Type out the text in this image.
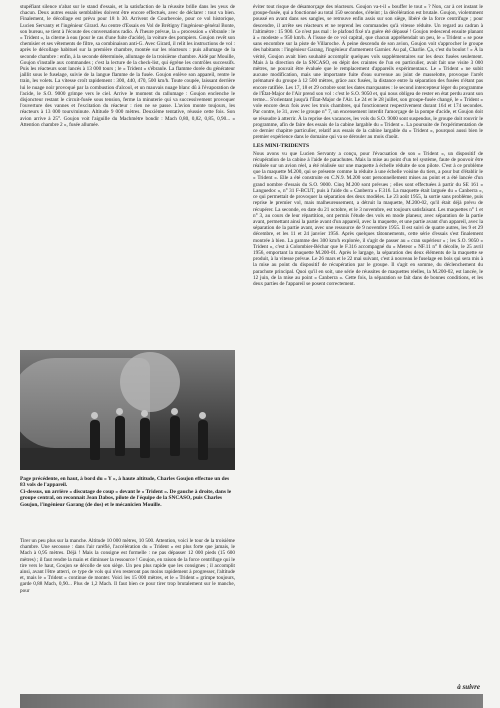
stupéfiant silence n'abat sur le stand d'essais, et la satisfaction de la réussite brille dans les yeux de chacun. Deux autres essais semblables doivent être encore effectués, avec de déclarer : tout va bien. Finalement, le décollage est prévu pour 18 h 30. Arrivent de Courbevoie, pour ce vol historique, Lucien Servanty et l'ingénieur Girard. Au centre d'Essais en Vol de Brétigny l'ingénieur-général Bonte, son bureau, se tient à l'écoute des conversations radio. À l'heure prévue, la « procession » s'ébranle : le « Trident », la citerne à eau (pour le cas d'une fuite d'acide), la voiture des pompiers. Goujon revêt son chemisier et ses vêtements de filtre, sa combinaison anti-G. Avec Girard, il relit les instructions de vol : après le décollage habituel sur la première chambre, montée sur les réacteurs : puis allumage de la seconde chambre : enfin, à la seconde déterminée, allumage de la troisième chambre. Aidé par Mouille, Goujon s'installe aux commandes ; c'est la lecture de la check-list, qui égrène les contrôles successifs. Puis les réacteurs sont lancés à 13 000 tours ; le « Trident » s'ébranle. La flamme dorée du générateur jaillit sous le fuselage, suivie de la langue flamme de la fusée. Goujon enlève son appareil, rentre le train, les volets. La vitesse croît rapidement : 300, 440, 470, 500 km/h. Toute coupée, laissant derrière lui le nuage noir provoqué par la combustion d'alcool, et un mauvais nuage blanc dû à l'évaporation de l'acide, le S.O. 9000 grimpe vers le ciel. Arrive le moment du rallumage : Goujon enclenche le disjoncteur restant le circuit-fusée sous tension, ferme la minuterie qui va successivement provoquer l'ouverture des vannes et l'excitation du réacteur : rien ne se passe. L'avion monte toujours, les réacteurs à 13 000 tours/minute. Altitude 9 000 mètres. Deuxième tentative, réussie cette fois. Son avion arrive à 25°. Goujon voit l'aiguille du Machmètre bondir : Mach 0,80, 0,82, 0,85, 0,90... « Attention chambre 2 », fusée allumée.

Page précédente, en haut, à bord du « Y », à haute altitude, Charles Goujon effectue un des 83 vols de l'appareil.

Ci-dessus, un arrière « discutage de coup » devant le « Trident ». De gauche à droite, dans le groupe central, on reconnait Jean Dabos, pilote de l'équipe de la SNCASO, puis Charles Goujon, l'ingénieur Garang (de dos) et le mécanicien Mouille.

Tirer un peu plus sur la manche. Altitude 10 000 mètres, 10 500. Attention, voici le tour de la troisième chambre. Une secousse : dans l'air raréfié, l'accélération du « Trident » est plus forte que jamais, le Mach à 0,95 mètres. Déjà ! Mais la consigne est formelle : ne pas dépasser 12 000 pieds (15 600 mètres) ; il faut rendre la main et diminuer la ressource ! Goujon, en raison de la force centrifuge qui le tire vers le haut, Goujon se décolle de son siège. Un peu plus rapide que les consignes ; il accomplit ainsi, avant l'être atterri, ce type de vols qui n'en resteront pas moins rapidement à progresser, l'altitude et, mais le « Trident » continue de monter. Voici les 15 000 mètres, et le « Trident » grimpe toujours, garde 0,88 Mach, 0,90... Plus de 1,2 Mach. Il faut bien ce pour tirer trop brutalement sur le manche, pour

éviter tout risque de désamorçage des réacteurs. Goujon va-t-il « bouffer le tout » ? Non, car à cet instant le groupe-fusée, qui a fonctionné au total 150 secondes, s'éteint ; la décélération est brutale. Goujon, violemment poussé en avant dans ses sangles, se retrouve enfin assis sur son siège, libéré de la force centrifuge ; pour descendre, il arrête ses réacteurs et ne reprend les commandes qu'à vitesse réduite. Un regard au cadran à l'altimètre : 15 900. Ce n'est pas mal : le plafond fixé n'a guère été dépassé ! Goujon redescend ensuite planant à « modeste » 950 km/h. À l'issue de ce vol capital, que chacun appréhendait un peu, le « Trident » se pose sans encombre sur la piste de Villaroche. À peine descendu de son avion, Goujon voit s'approcher le groupe des habitants : l'ingénieur Garang, l'ingénieur d'armement Garnier. Au pal, Charlie. Ça, c'est du boulot ! » À la vérité, Goujon avait bien souhaité accomplir quelques vols supplémentaires sur les deux fusées seulement. Mais à la direction de la SNCASO, en dépit des craintes de l'un en particulier, avait fait une visite 3 000 mètres, ne pouvait être évaluée que le remplacement d'appareils expérimentaux. Le « Trident » ne subit aucune modification, mais une importante fuite d'eau survenue au joint de masselotte, provoque l'arrêt prématuré du groupe à 12 500 mètres, grâce aux fusées, la distance entre la séparation des fusées n'étant pas encore ratifiée. Les 17, 18 et 29 octobre sont les dates marquantes : le second intercepteur léger du programme de l'État-Major de l'Air prend son vol : c'est le S.O. 9050 et, qui nous obligea de rester en état perdu avant son terme... S'orientant jusqu'à l'État-Major de l'Air. Le 24 et le 28 juillet, son groupe-fusée changé, le « Trident » vole encore deux fois avec les trois chambres, qui fonctionnent respectivement durant 164 et 174 secondes. Par contre, le 31, avec le groupe n° 7, un encensement interdit l'amorçage de la pompe d'acide, et Goujon doit se résoudre à atterrir. À la reprise des vacances, les vols du S.O. 9000 sont suspendus, le groupe doit rouvrir le programme, afin de faire des essais de la cabine largable du « Trident ». La poursuite de l'expérimentation de ce dernier chapitre particulier, relatif aux essais de la cabine largable du « Trident », pourquoi aussi bien le premier expérience dans le domaine qui va se dérouler au mois d'août.

LES MINI-TRIDENTS

Nous avons vu que Lucien Servanty a conçu, pour l'évacuation de son « Trident », un dispositif de récupération de la cabine à l'aide de parachutes. Mais la mise au point d'un tel système, faute de pouvoir être réalisée sur un avion réel, a été réalisée sur une maquette à échelle réduite de son pilote. C'est à ce problème que la maquette M.200, qui se présente comme la réduite à une échelle voisine du tiers, a pour but d'établir le « Trident ». Elle a été construite en C.N.9. M.200 sont personnellement mises au point et a été lancée d'un grand nombre d'essais du S.O. 9000. Cinq M.200 sont prévues ; elles sont effectuées à partir du SE 161 « Languedoc », n° 31 F-BCUT, puis à l'aide du « Canberra » F.316. La maquette était larguée du « Canberra », ce qui permettait de provoquer la séparation des deux modèles. Le 23 août 1955, la sortie sans problème, puis reprise le premier vol, mais malheureusement, a détruit la maquette, M.200-02, qu'il était déjà prévu de récupérer. La seconde, en date du 21 octobre, et le 3 novembre, est toujours satisfaisant. Les maquettes n° 1 et n° 3, au cours de leur répartition, ont permis l'étude des vols en mode planeur, avec séparation de la partie avant, permettant ainsi la partie avant d'un appareil, avec la maquette, et une partie avant d'un appareil, avec la séparation de la partie avant, avec une ressource de 9 novembre 1955. Il est suivi de quatre autres, les 9 et 29 décembre, et les 11 et 24 janvier 1956. Après quelques tâtonnements, cette série d'essais s'est finalement montrée à bien. La gamme des 300 km/h explorée, il s'agit de passer au « cran supérieur » ; les S.O. 9050 « Trident », c'est à Colombier-Béchar que le F.316 accompagné du « Meteor » NF.11 n° 8 décolle, le 25 avril 1956, emportant la maquette M.200-01. Après le largage, la séparation des deux éléments de la maquette se produit, à la vitesse prévue. Le 26 mars et le 22 mai suivant, c'est à nouveau le fuselage en bois qui sera mis à la mise au point du dispositif de récupération par le groupe. Il s'agit en somme, du déclenchement du parachute principal. Quoi qu'il en soit, une série de réussites de maquettes réelles, la M.200-02, est lancée, le 12 juin, de la mise au point « Canberra ». Cette fois, la séparation se fait dans de bonnes conditions, et les deux parties de l'appareil se posent correctement.

à suivre
